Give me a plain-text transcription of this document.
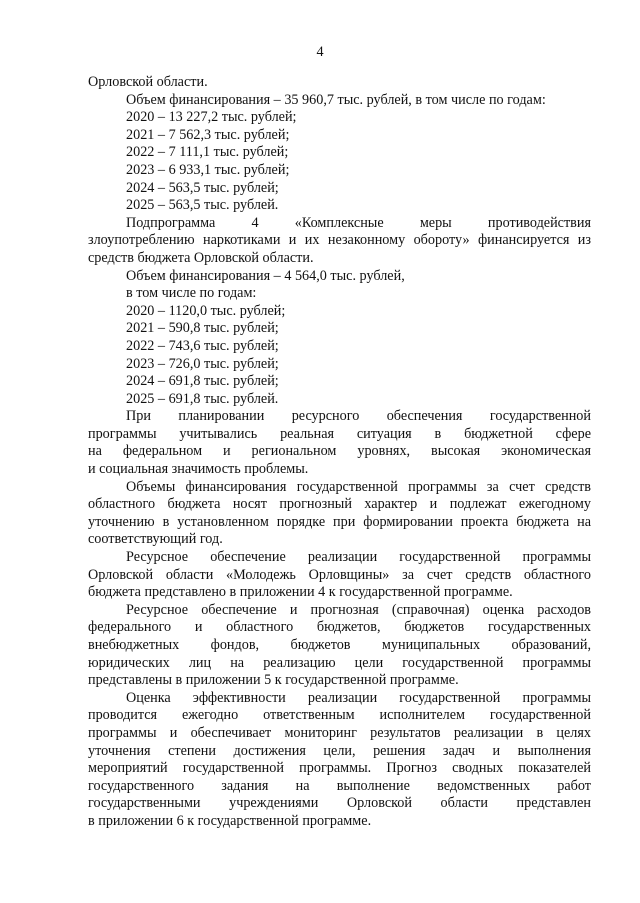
4
Орловской области.
Объем финансирования – 35 960,7 тыс. рублей, в том числе по годам:
2020 – 13 227,2 тыс. рублей;
2021 – 7 562,3 тыс. рублей;
2022 – 7 111,1 тыс. рублей;
2023 – 6 933,1 тыс. рублей;
2024 – 563,5 тыс. рублей;
2025 – 563,5 тыс. рублей.
Подпрограмма 4 «Комплексные меры противодействия
злоупотреблению наркотиками и их незаконному обороту» финансируется из
средств бюджета Орловской области.
Объем финансирования – 4 564,0 тыс. рублей,
в том числе по годам:
2020 – 1120,0 тыс. рублей;
2021 – 590,8 тыс. рублей;
2022 – 743,6 тыс. рублей;
2023 – 726,0 тыс. рублей;
2024 – 691,8 тыс. рублей;
2025 – 691,8 тыс. рублей.
При планировании ресурсного обеспечения государственной
программы учитывались реальная ситуация в бюджетной сфере
на федеральном и региональном уровнях, высокая экономическая
и социальная значимость проблемы.
Объемы финансирования государственной программы за счет средств
областного бюджета носят прогнозный характер и подлежат ежегодному
уточнению в установленном порядке при формировании проекта бюджета на
соответствующий год.
Ресурсное обеспечение реализации государственной программы
Орловской области «Молодежь Орловщины» за счет средств областного
бюджета представлено в приложении 4 к государственной программе.
Ресурсное обеспечение и прогнозная (справочная) оценка расходов
федерального и областного бюджетов, бюджетов государственных
внебюджетных фондов, бюджетов муниципальных образований,
юридических лиц на реализацию цели государственной программы
представлены в приложении 5 к государственной программе.
Оценка эффективности реализации государственной программы
проводится ежегодно ответственным исполнителем государственной
программы и обеспечивает мониторинг результатов реализации в целях
уточнения степени достижения цели, решения задач и выполнения
мероприятий государственной программы. Прогноз сводных показателей
государственного задания на выполнение ведомственных работ
государственными учреждениями Орловской области представлен
в приложении 6 к государственной программе.
